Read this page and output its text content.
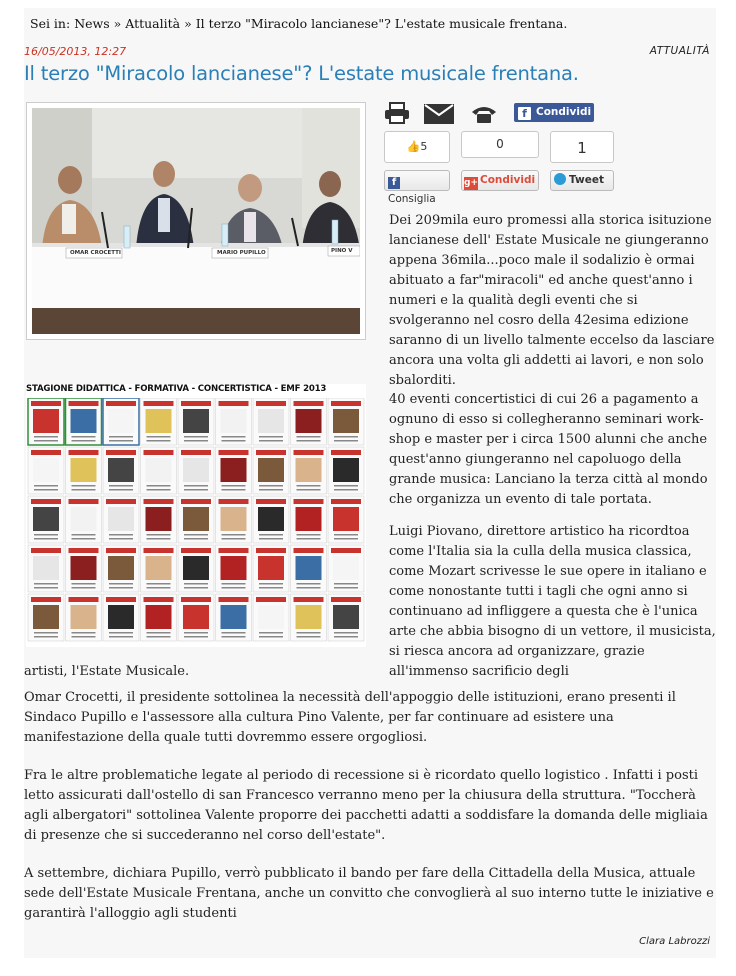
Sei in: News » Attualità » Il terzo "Miracolo lancianese"? L'estate musicale frentana.
16/05/2013, 12:27	ATTUALITÀ
Il terzo "Miracolo lancianese"? L'estate musicale frentana.
OMAR CROCETTI	MARIO PUPILLO	PINO V
f Condividi
👍5	0	1
fConsiglia
g+ Condividi	Tweet
STAGIONE DIDATTICA - FORMATIVA - CONCERTISTICA - EMF 2013
Dei 209mila euro promessi alla storica isituzione lancianese dell' Estate Musicale ne giungeranno appena 36mila...poco male il sodalizio è ormai abituato a far"miracoli" ed anche quest'anno i numeri e la qualità degli eventi che si svolgeranno nel cosro della 42esima edizione saranno di un livello talmente eccelso da lasciare ancora una volta gli addetti ai lavori, e non solo sbalorditi.
40 eventi concertistici di cui 26 a pagamento a ognuno di esso si collegheranno seminari work-shop e master per i circa 1500 alunni che anche quest'anno giungeranno nel capoluogo della grande musica: Lanciano la terza città al mondo che organizza un evento di tale portata.
Luigi Piovano, direttore artistico ha ricordtoa come l'Italia sia la culla della musica classica, come Mozart scrivesse le sue opere in italiano e come nonostante tutti i tagli che ogni anno si continuano ad infliggere a questa che è l'unica arte che abbia bisogno di un vettore, il musicista, si riesca ancora ad organizzare, grazie all'immenso sacrificio degli
artisti, l'Estate Musicale.
Omar Crocetti, il presidente sottolinea la necessità dell'appoggio delle istituzioni, erano presenti il Sindaco Pupillo e l'assessore alla cultura Pino Valente, per far continuare ad esistere una manifestazione della quale tutti dovremmo essere orgogliosi.
Fra le altre problematiche legate al periodo di recessione si è ricordato quello logistico . Infatti i posti letto assicurati dall'ostello di san Francesco verranno meno per la chiusura della struttura. "Toccherà agli albergatori" sottolinea Valente proporre dei pacchetti adatti a soddisfare la domanda delle migliaia di presenze che si succederanno nel corso dell'estate".
A settembre, dichiara Pupillo, verrò pubblicato il bando per fare della Cittadella della Musica, attuale sede dell'Estate Musicale Frentana, anche un convitto che convoglierà al suo interno tutte le iniziative e garantirà l'alloggio agli studenti
Clara Labrozzi
